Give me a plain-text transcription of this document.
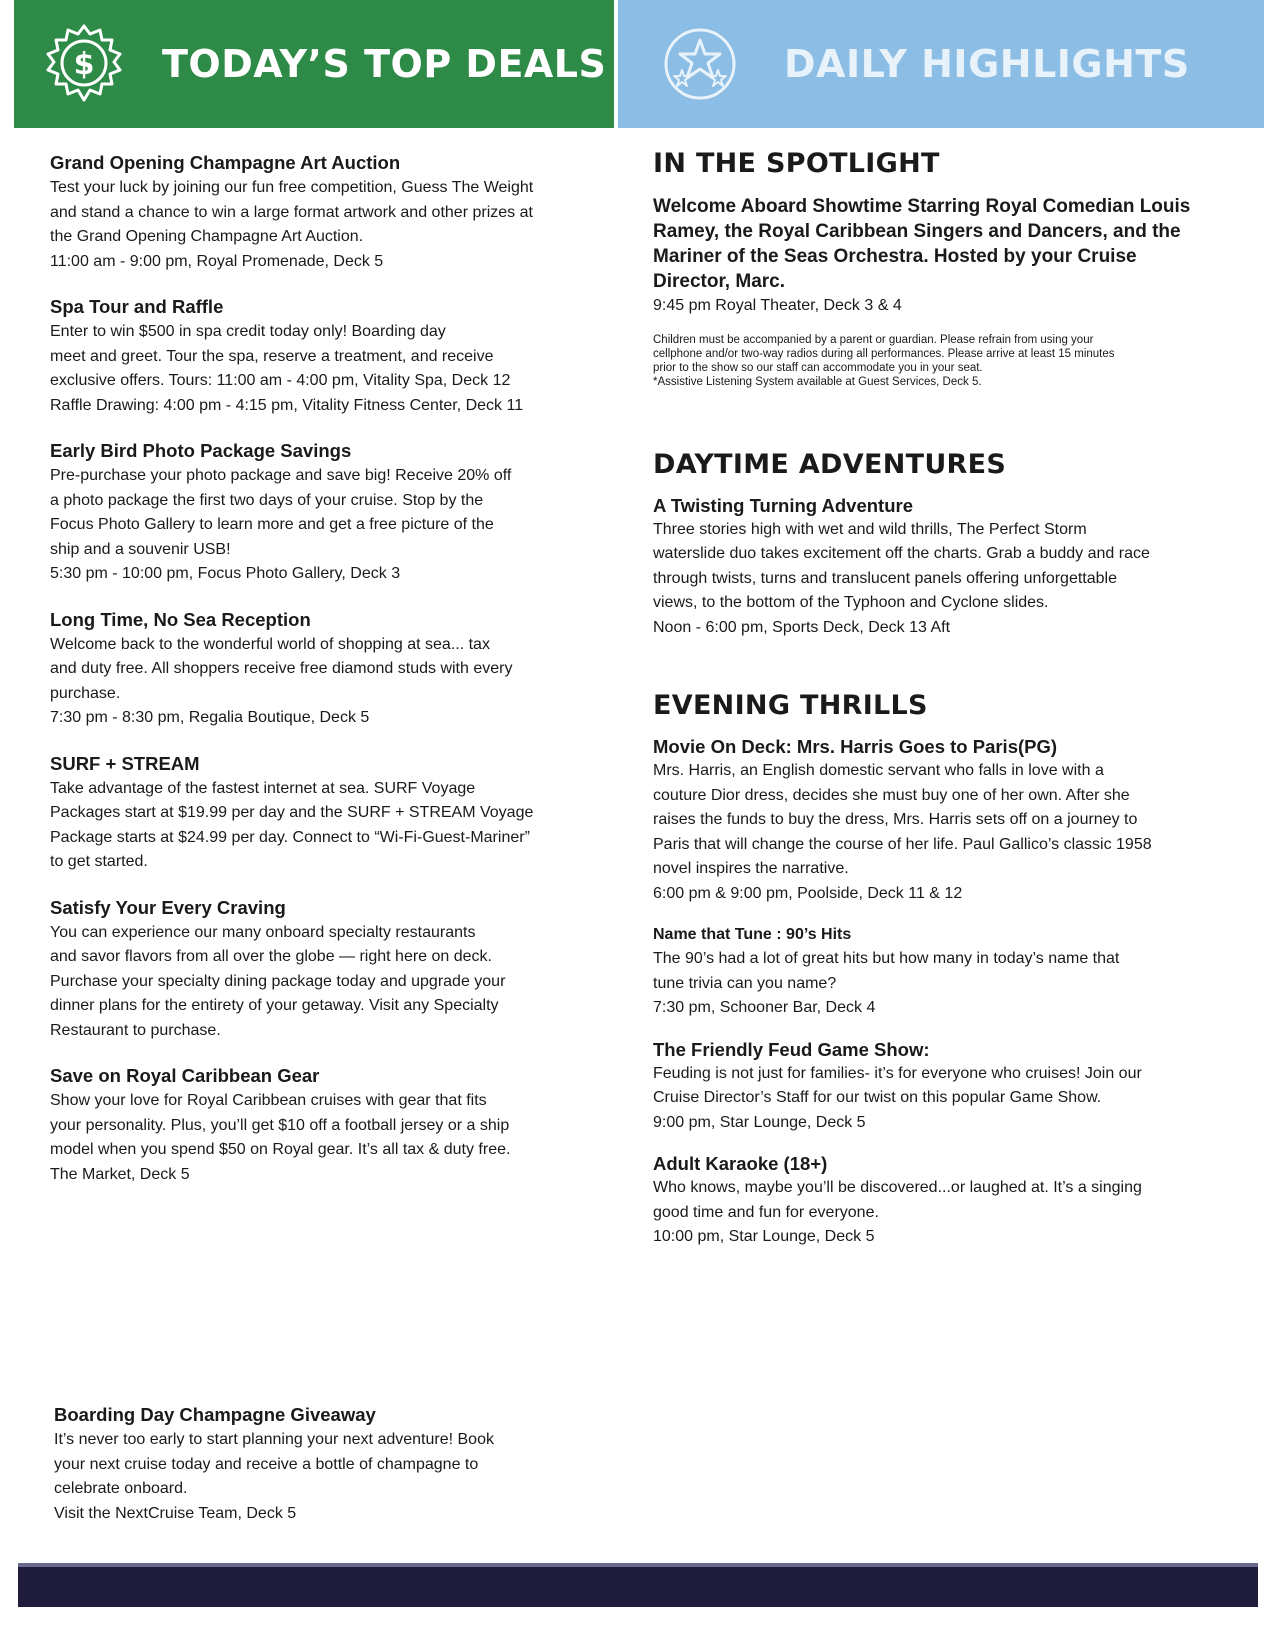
$ TODAY’S TOP DEALS	DAILY HIGHLIGHTS

Grand Opening Champagne Art Auction

Test your luck by joining our fun free competition, Guess The Weight

and stand a chance to win a large format artwork and other prizes at

the Grand Opening Champagne Art Auction.

11:00 am - 9:00 pm, Royal Promenade, Deck 5

Spa Tour and Raffle

Enter to win $500 in spa credit today only! Boarding day

meet and greet. Tour the spa, reserve a treatment, and receive

exclusive offers. Tours: 11:00 am - 4:00 pm, Vitality Spa, Deck 12

Raffle Drawing: 4:00 pm - 4:15 pm, Vitality Fitness Center, Deck 11

Early Bird Photo Package Savings

Pre-purchase your photo package and save big! Receive 20% off

a photo package the first two days of your cruise. Stop by the

Focus Photo Gallery to learn more and get a free picture of the

ship and a souvenir USB!

5:30 pm - 10:00 pm, Focus Photo Gallery, Deck 3

Long Time, No Sea Reception

Welcome back to the wonderful world of shopping at sea... tax

and duty free. All shoppers receive free diamond studs with every

purchase.

7:30 pm - 8:30 pm, Regalia Boutique, Deck 5

SURF + STREAM

Take advantage of the fastest internet at sea. SURF Voyage

Packages start at $19.99 per day and the SURF + STREAM Voyage

Package starts at $24.99 per day. Connect to “Wi-Fi-Guest-Mariner”

to get started.

Satisfy Your Every Craving

You can experience our many onboard specialty restaurants

and savor flavors from all over the globe — right here on deck.

Purchase your specialty dining package today and upgrade your

dinner plans for the entirety of your getaway. Visit any Specialty

Restaurant to purchase.

Save on Royal Caribbean Gear

Show your love for Royal Caribbean cruises with gear that fits

your personality. Plus, you’ll get $10 off a football jersey or a ship

model when you spend $50 on Royal gear. It’s all tax & duty free.

The Market, Deck 5

Boarding Day Champagne Giveaway

It’s never too early to start planning your next adventure! Book

your next cruise today and receive a bottle of champagne to

celebrate onboard.

Visit the NextCruise Team, Deck 5

IN THE SPOTLIGHT

Welcome Aboard Showtime Starring Royal Comedian Louis

Ramey, the Royal Caribbean Singers and Dancers, and the

Mariner of the Seas Orchestra. Hosted by your Cruise

Director, Marc.

9:45 pm Royal Theater, Deck 3 & 4

Children must be accompanied by a parent or guardian. Please refrain from using your

cellphone and/or two-way radios during all performances. Please arrive at least 15 minutes

prior to the show so our staff can accommodate you in your seat.

*Assistive Listening System available at Guest Services, Deck 5.

DAYTIME ADVENTURES

A Twisting Turning Adventure

Three stories high with wet and wild thrills, The Perfect Storm

waterslide duo takes excitement off the charts. Grab a buddy and race

through twists, turns and translucent panels offering unforgettable

views, to the bottom of the Typhoon and Cyclone slides.

Noon - 6:00 pm, Sports Deck, Deck 13 Aft

EVENING THRILLS

Movie On Deck: Mrs. Harris Goes to Paris(PG)

Mrs. Harris, an English domestic servant who falls in love with a

couture Dior dress, decides she must buy one of her own. After she

raises the funds to buy the dress, Mrs. Harris sets off on a journey to

Paris that will change the course of her life. Paul Gallico’s classic 1958

novel inspires the narrative.

6:00 pm & 9:00 pm, Poolside, Deck 11 & 12

Name that Tune : 90’s Hits

The 90’s had a lot of great hits but how many in today’s name that

tune trivia can you name?

7:30 pm, Schooner Bar, Deck 4

The Friendly Feud Game Show:

Feuding is not just for families- it’s for everyone who cruises! Join our

Cruise Director’s Staff for our twist on this popular Game Show.

9:00 pm, Star Lounge, Deck 5

Adult Karaoke (18+)

Who knows, maybe you’ll be discovered...or laughed at. It’s a singing

good time and fun for everyone.

10:00 pm, Star Lounge, Deck 5
